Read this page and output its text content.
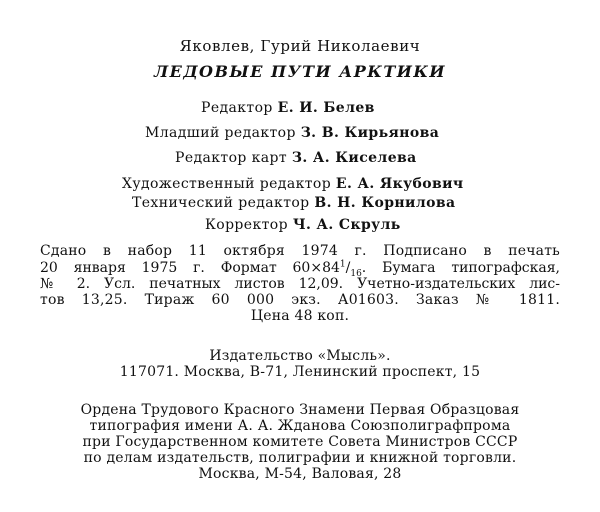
Яковлев, Гурий Николаевич
ЛЕДОВЫЕ ПУТИ АРКТИКИ
Редактор Е. И. Белев
Младший редактор З. В. Кирьянова
Редактор карт З. А. Киселева
Художественный редактор Е. А. Якубович
Технический редактор В. Н. Корнилова
Корректор Ч. А. Скруль
Сдано в набор 11 октября 1974 г. Подписано в печать
20 января 1975 г. Формат $60\times 84^1/_{16}$. Бумага типографская,
№ 2. Усл. печатных листов 12,09. Учетно-издательских лис-
тов 13,25. Тираж 60 000 экз. А01603. Заказ № 1811.
Цена 48 коп.
Издательство «Мысль».
117071. Москва, В-71, Ленинский проспект, 15
Ордена Трудового Красного Знамени Первая Образцовая
типография имени А. А. Жданова Союзполиграфпрома
при Государственном комитете Совета Министров СССР
по делам издательств, полиграфии и книжной торговли.
Москва, М-54, Валовая, 28
